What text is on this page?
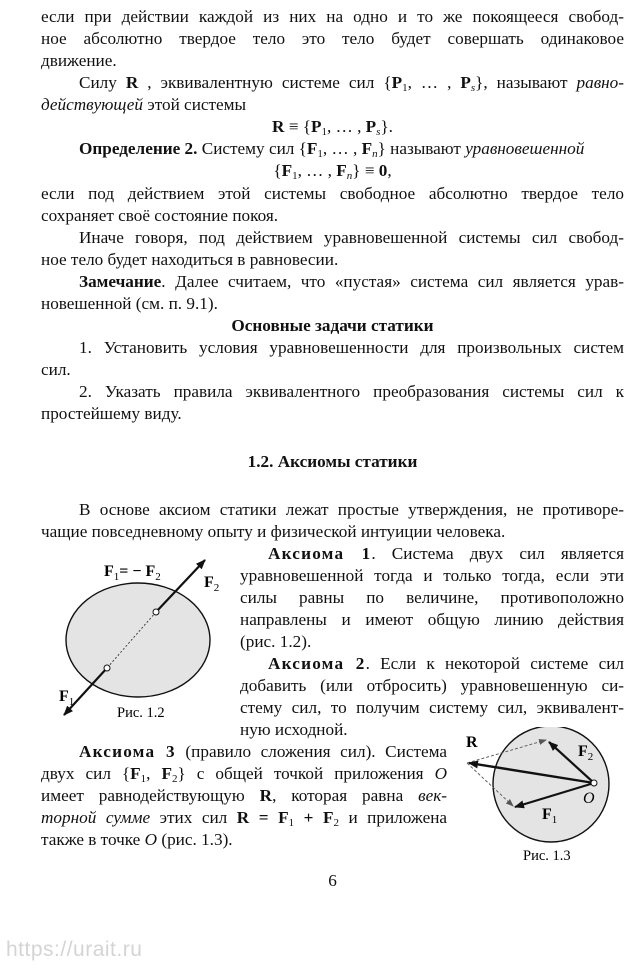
если при действии каждой из них на одно и то же покоящееся свобод-
ное абсолютно твердое тело это тело будет совершать одинаковое
движение.
Силу R , эквивалентную системе сил {$P_1$, … , $P_s$}, называют равно-
действующей этой системы
$R \equiv \{P_1$, … , $P_s$}.
Определение 2. Систему сил {$F_1$, … , $F_n$} называют уравновешенной
{$F_1$, … , $F_n\} \equiv 0$,
если под действием этой системы свободное абсолютно твердое тело
сохраняет своё состояние покоя.
Иначе говоря, под действием уравновешенной системы сил свобод-
ное тело будет находиться в равновесии.
Замечание. Далее считаем, что «пустая» система сил является урав-
новешенной (см. п. 9.1).
Основные задачи статики
1. Установить условия уравновешенности для произвольных систем
сил.
2. Указать правила эквивалентного преобразования системы сил к
простейшему виду.
1.2. Аксиомы статики
В основе аксиом статики лежат простые утверждения, не противоре-
чащие повседневному опыту и физической интуиции человека.
Аксиома 1. Система двух сил является
уравновешенной тогда и только тогда, если эти
силы равны по величине, противоположно
направлены и имеют общую линию действия
(рис. 1.2).
Аксиома 2. Если к некоторой системе сил
добавить (или отбросить) уравновешенную си-
стему сил, то получим систему сил, эквивалент-
ную исходной.
Аксиома 3 (правило сложения сил). Система
двух сил {$F_1$, $F_2$} с общей точкой приложения O
имеет равнодействующую R, которая равна век-
торной сумме этих сил $R = F_1 + F_2$ и приложена
также в точке O (рис. 1.3).
$F_1= - F_2$	$F_2$
$F_1$
Рис. 1.2
R
$F_2$
$F_1$
O
Рис. 1.3
6
https://urait.ru
